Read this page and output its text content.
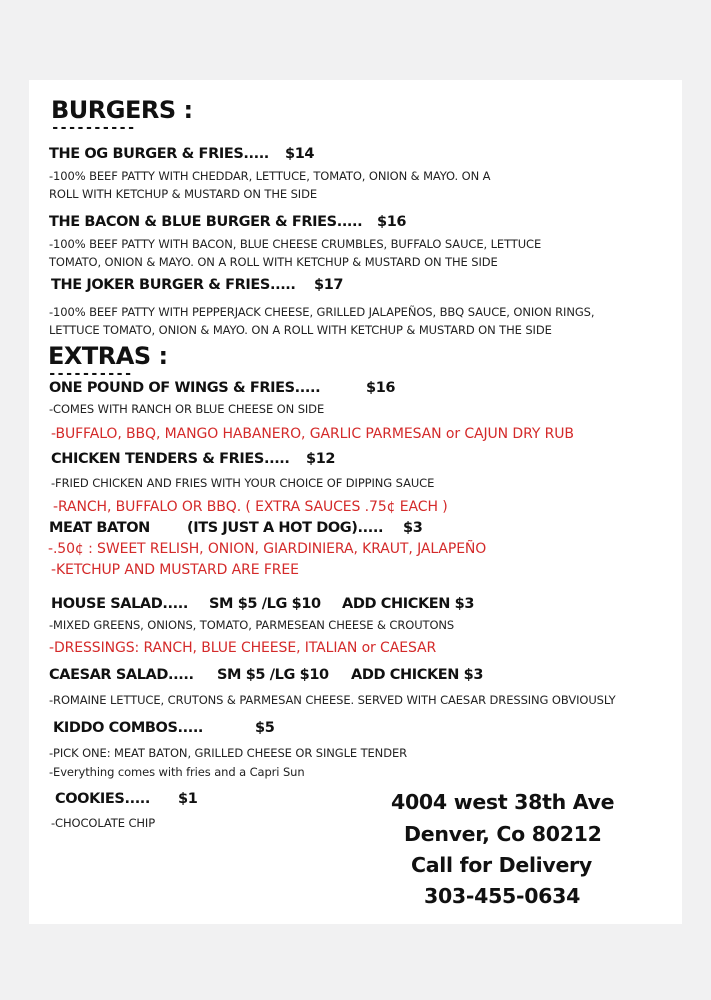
BURGERS :
----------
THE OG BURGER & FRIES..... $14
-100% BEEF PATTY WITH CHEDDAR, LETTUCE, TOMATO, ONION & MAYO. ON A
ROLL WITH KETCHUP & MUSTARD ON THE SIDE
THE BACON & BLUE BURGER & FRIES..... $16
-100% BEEF PATTY WITH BACON, BLUE CHEESE CRUMBLES, BUFFALO SAUCE, LETTUCE
TOMATO, ONION & MAYO. ON A ROLL WITH KETCHUP & MUSTARD ON THE SIDE
THE JOKER BURGER & FRIES..... $17
-100% BEEF PATTY WITH PEPPERJACK CHEESE, GRILLED JALAPEÑOS, BBQ SAUCE, ONION RINGS,
LETTUCE TOMATO, ONION & MAYO. ON A ROLL WITH KETCHUP & MUSTARD ON THE SIDE
EXTRAS :
----------
ONE POUND OF WINGS & FRIES.....	$16
-COMES WITH RANCH OR BLUE CHEESE ON SIDE
-BUFFALO, BBQ, MANGO HABANERO, GARLIC PARMESAN or CAJUN DRY RUB
CHICKEN TENDERS & FRIES..... $12
-FRIED CHICKEN AND FRIES WITH YOUR CHOICE OF DIPPING SAUCE
-RANCH, BUFFALO OR BBQ. ( EXTRA SAUCES .75¢ EACH )
MEAT BATON	(ITS JUST A HOT DOG)..... $3
-.50¢ : SWEET RELISH, ONION, GIARDINIERA, KRAUT, JALAPEÑO
-KETCHUP AND MUSTARD ARE FREE
HOUSE SALAD..... SM $5 /LG $10 ADD CHICKEN $3
-MIXED GREENS, ONIONS, TOMATO, PARMESEAN CHEESE & CROUTONS
-DRESSINGS: RANCH, BLUE CHEESE, ITALIAN or CAESAR
CAESAR SALAD..... SM $5 /LG $10 ADD CHICKEN $3
-ROMAINE LETTUCE, CRUTONS & PARMESAN CHEESE. SERVED WITH CAESAR DRESSING OBVIOUSLY
KIDDO COMBOS.....	$5
-PICK ONE: MEAT BATON, GRILLED CHEESE OR SINGLE TENDER
-Everything comes with fries and a Capri Sun
COOKIES..... $1
-CHOCOLATE CHIP
4004 west 38th Ave
Denver, Co 80212
Call for Delivery
303-455-0634
